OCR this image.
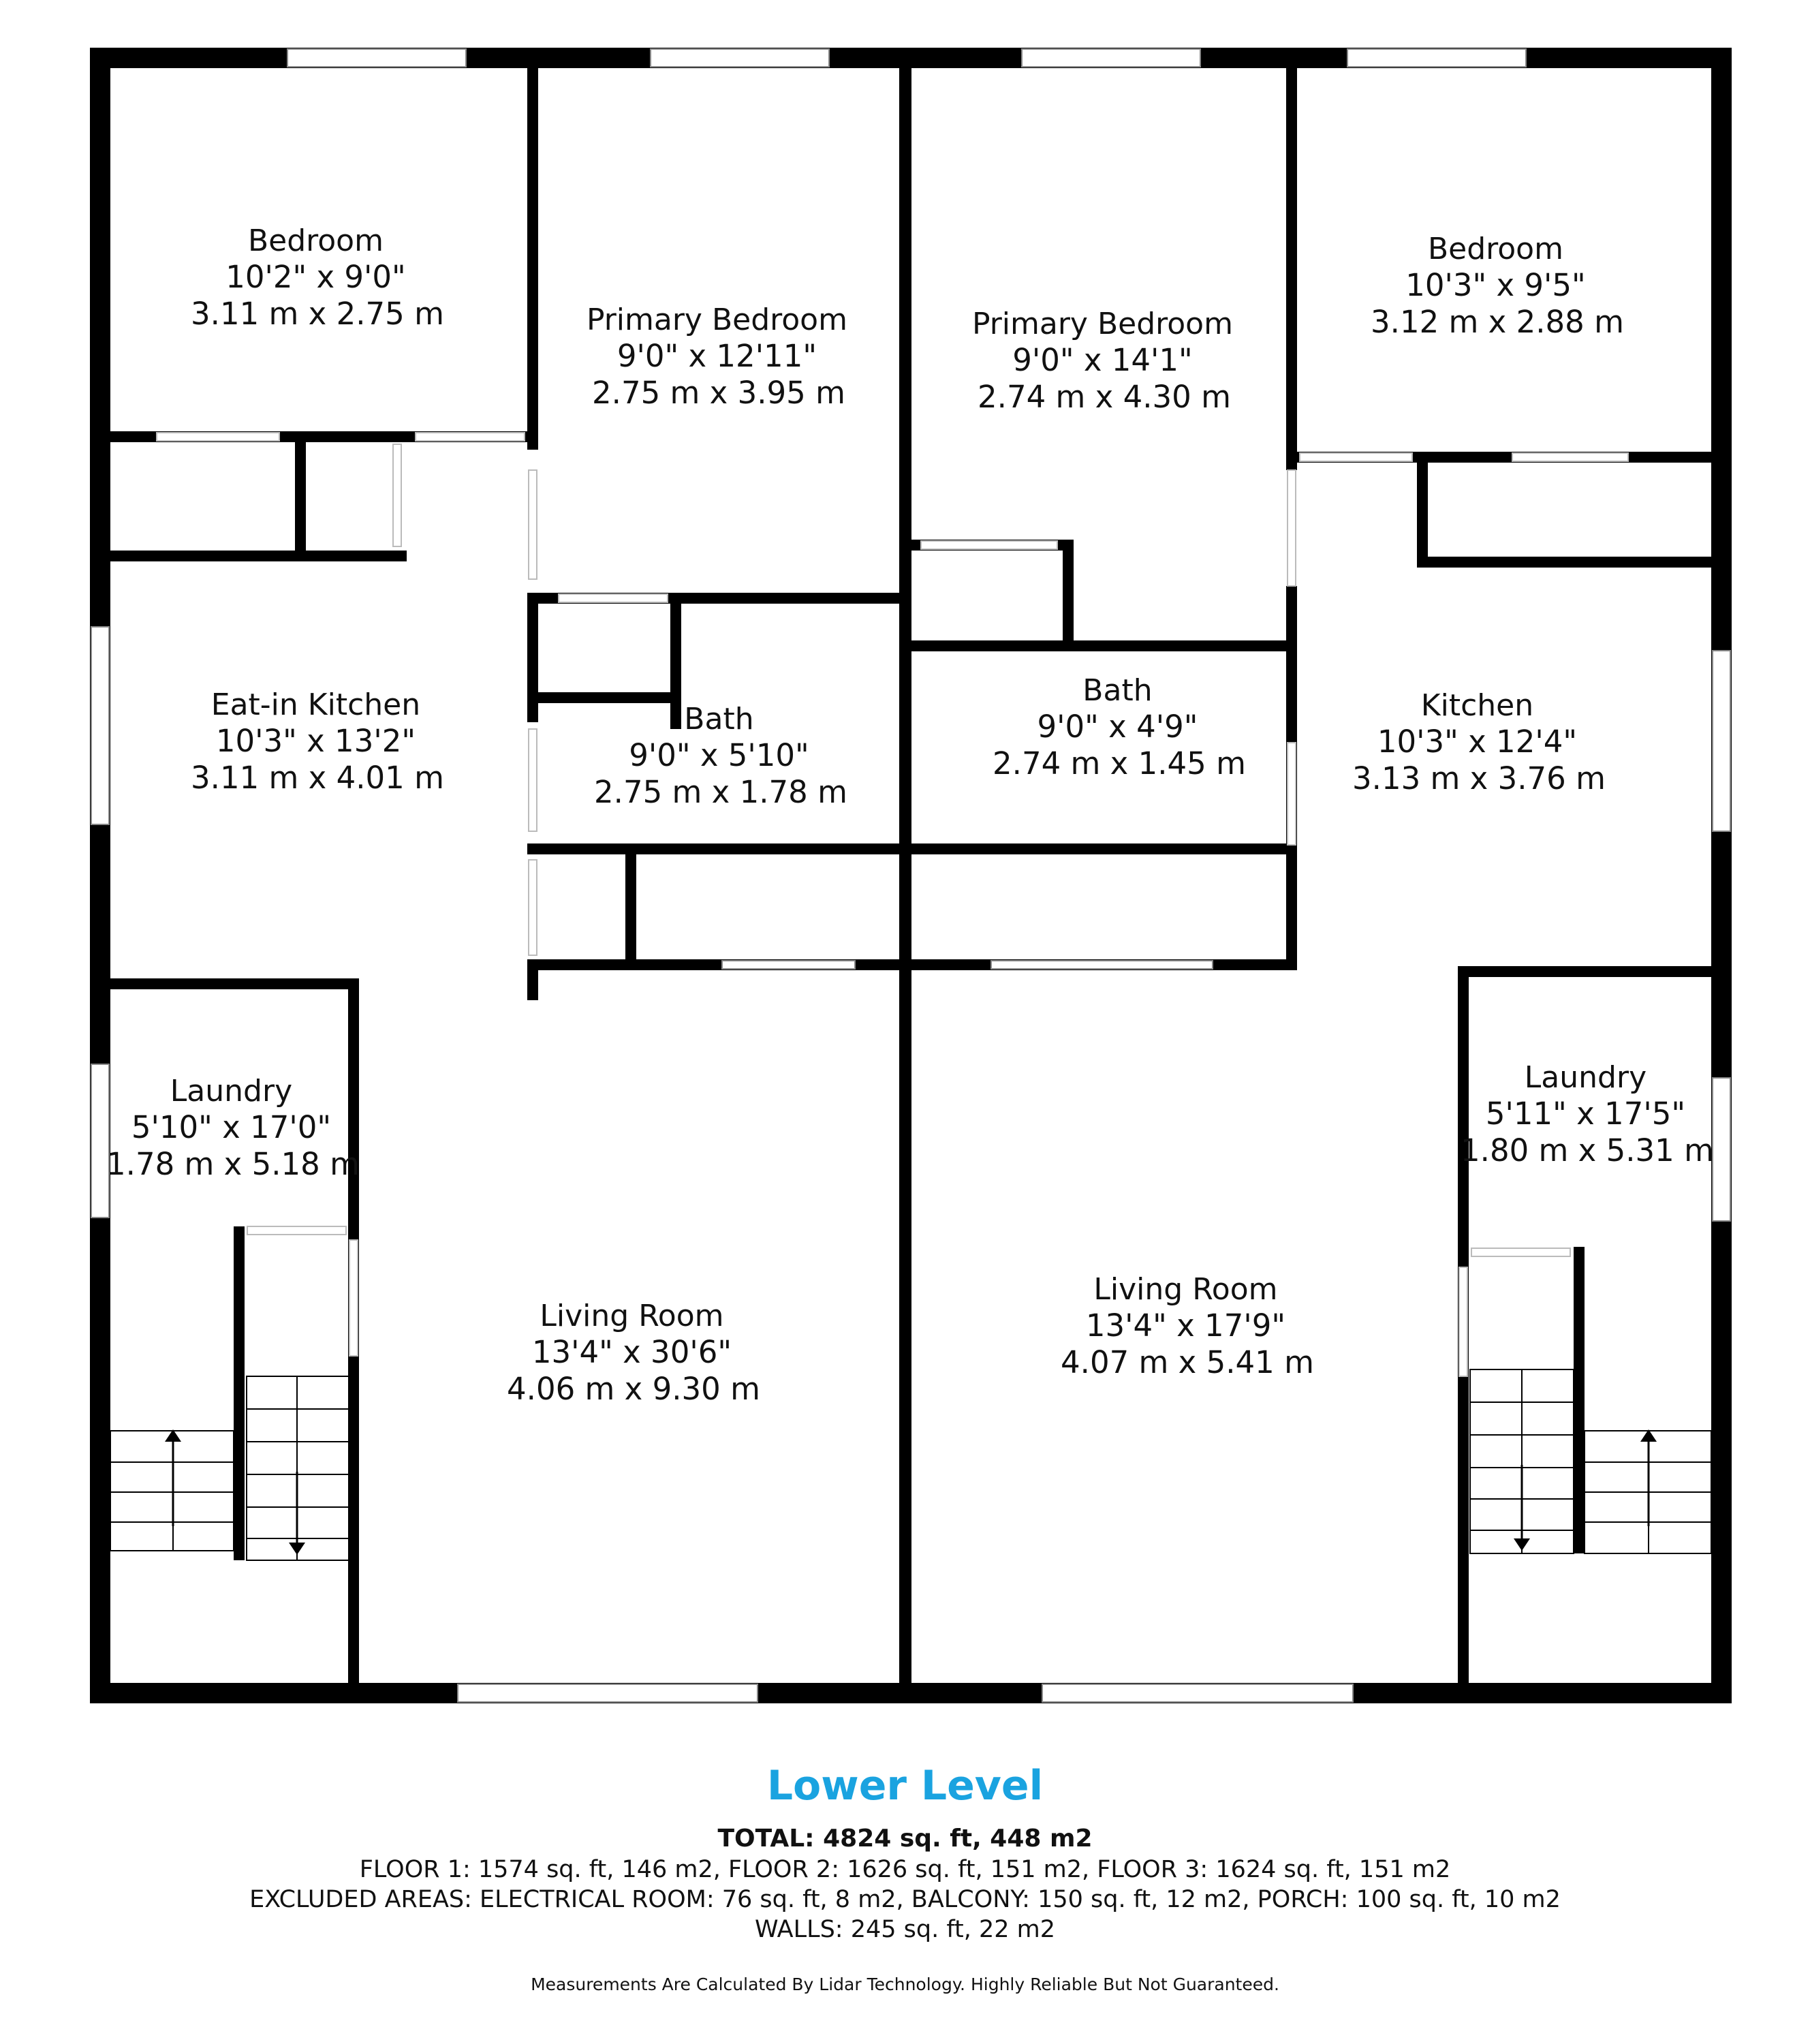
Bedroom 10'2" x 9'0" 3.11 m x 2.75 m	Primary Bedroom 9'0" x 12'11" 2.75 m x 3.95 m
Primary Bedroom 9'0" x 14'1" 2.74 m x 4.30 m
Bedroom 10'3" x 9'5" 3.12 m x 2.88 m
Eat-in Kitchen 10'3" x 13'2" 3.11 m x 4.01 m
Bath 9'0" x 5'10" 2.75 m x 1.78 m
Bath 9'0" x 4'9" 2.74 m x 1.45 m
Kitchen 10'3" x 12'4" 3.13 m x 3.76 m
Laundry 5'10" x 17'0" 1.78 m x 5.18 m
Laundry 5'11" x 17'5" 1.80 m x 5.31 m
Living Room 13'4" x 30'6" 4.06 m x 9.30 m
Living Room 13'4" x 17'9" 4.07 m x 5.41 m
Lower Level
TOTAL: 4824 sq. ft, 448 m2
FLOOR 1: 1574 sq. ft, 146 m2, FLOOR 2: 1626 sq. ft, 151 m2, FLOOR 3: 1624 sq. ft, 151 m2
EXCLUDED AREAS: ELECTRICAL ROOM: 76 sq. ft, 8 m2, BALCONY: 150 sq. ft, 12 m2, PORCH: 100 sq. ft, 10 m2
WALLS: 245 sq. ft, 22 m2
Measurements Are Calculated By Lidar Technology. Highly Reliable But Not Guaranteed.
